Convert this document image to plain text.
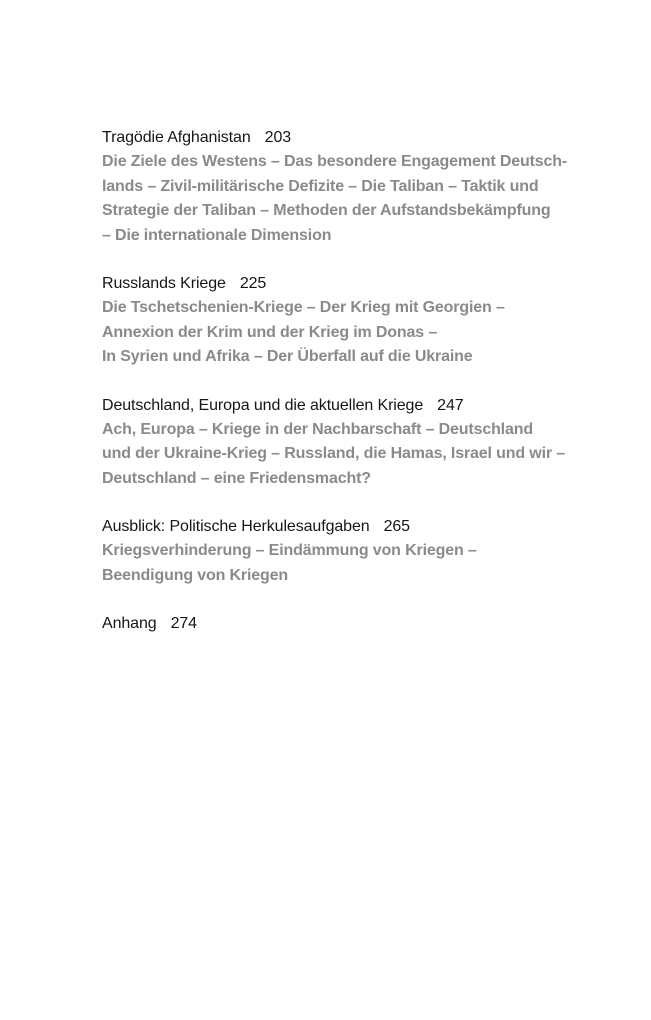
Tragödie Afghanistan 203
Die Ziele des Westens – Das besondere Engagement Deutsch-
lands – Zivil-militärische Defizite – Die Taliban – Taktik und
Strategie der Taliban – Methoden der Aufstandsbekämpfung
– Die internationale Dimension
Russlands Kriege 225
Die Tschetschenien-Kriege – Der Krieg mit Georgien –
Annexion der Krim und der Krieg im Donas –
In Syrien und Afrika – Der Überfall auf die Ukraine
Deutschland, Europa und die aktuellen Kriege 247
Ach, Europa – Kriege in der Nachbarschaft – Deutschland
und der Ukraine-Krieg – Russland, die Hamas, Israel und wir –
Deutschland – eine Friedensmacht?
Ausblick: Politische Herkulesaufgaben 265
Kriegsverhinderung – Eindämmung von Kriegen –
Beendigung von Kriegen
Anhang 274
